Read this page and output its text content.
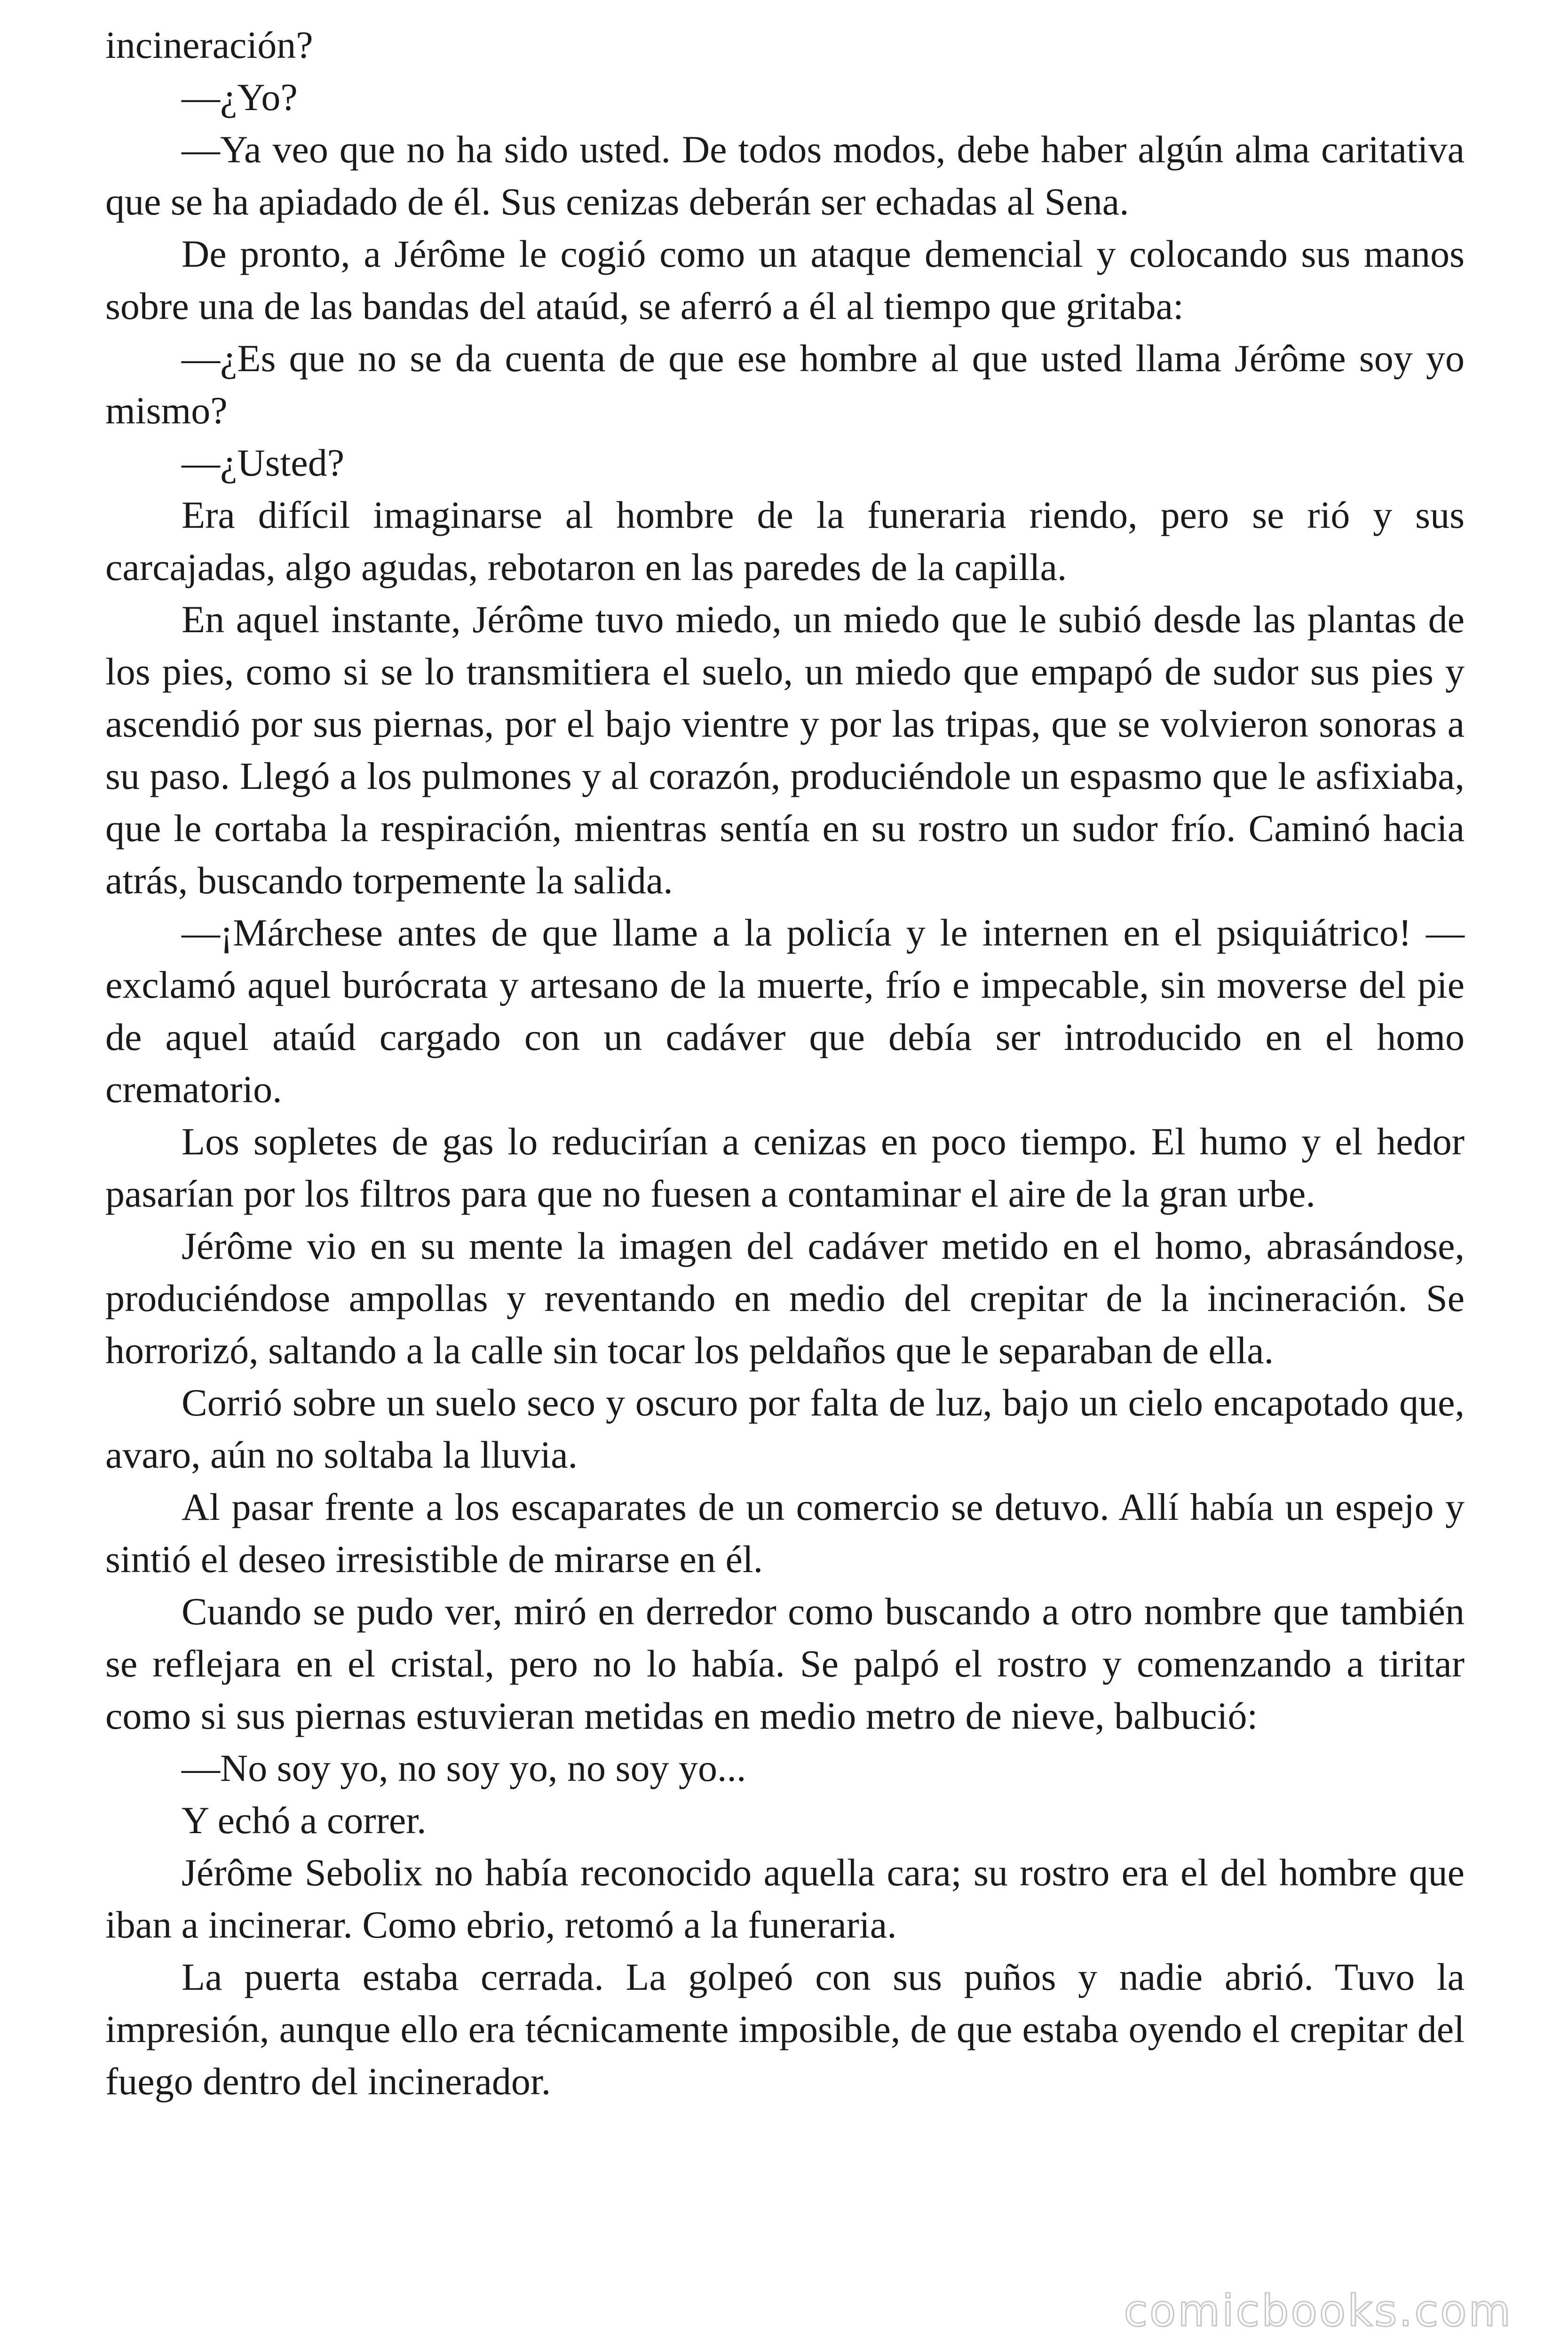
incineración?

—¿Yo?

—Ya veo que no ha sido usted. De todos modos, debe haber algún alma caritativa que se ha apiadado de él. Sus cenizas deberán ser echadas al Sena.

De pronto, a Jérôme le cogió como un ataque demencial y colocando sus manos sobre una de las bandas del ataúd, se aferró a él al tiempo que gritaba:

—¿Es que no se da cuenta de que ese hombre al que usted llama Jérôme soy yo mismo?

—¿Usted?

Era difícil imaginarse al hombre de la funeraria riendo, pero se rió y sus carcajadas, algo agudas, rebotaron en las paredes de la capilla.

En aquel instante, Jérôme tuvo miedo, un miedo que le subió desde las plantas de los pies, como si se lo transmitiera el suelo, un miedo que empapó de sudor sus pies y ascendió por sus piernas, por el bajo vientre y por las tripas, que se volvieron sonoras a su paso. Llegó a los pulmones y al corazón, produciéndole un espasmo que le asfixiaba, que le cortaba la respiración, mientras sentía en su rostro un sudor frío. Caminó hacia atrás, buscando torpemente la salida.

—¡Márchese antes de que llame a la policía y le internen en el psiquiátrico! —exclamó aquel burócrata y artesano de la muerte, frío e impecable, sin moverse del pie de aquel ataúd cargado con un cadáver que debía ser introducido en el homo crematorio.

Los sopletes de gas lo reducirían a cenizas en poco tiempo. El humo y el hedor pasarían por los filtros para que no fuesen a contaminar el aire de la gran urbe.

Jérôme vio en su mente la imagen del cadáver metido en el homo, abrasándose, produciéndose ampollas y reventando en medio del crepitar de la incineración. Se horrorizó, saltando a la calle sin tocar los peldaños que le separaban de ella.

Corrió sobre un suelo seco y oscuro por falta de luz, bajo un cielo encapotado que, avaro, aún no soltaba la lluvia.

Al pasar frente a los escaparates de un comercio se detuvo. Allí había un espejo y sintió el deseo irresistible de mirarse en él.

Cuando se pudo ver, miró en derredor como buscando a otro nombre que también se reflejara en el cristal, pero no lo había. Se palpó el rostro y comenzando a tiritar como si sus piernas estuvieran metidas en medio metro de nieve, balbució:

—No soy yo, no soy yo, no soy yo...

Y echó a correr.

Jérôme Sebolix no había reconocido aquella cara; su rostro era el del hombre que iban a incinerar. Como ebrio, retomó a la funeraria.

La puerta estaba cerrada. La golpeó con sus puños y nadie abrió. Tuvo la impresión, aunque ello era técnicamente imposible, de que estaba oyendo el crepitar del fuego dentro del incinerador.

comicbooks.com
